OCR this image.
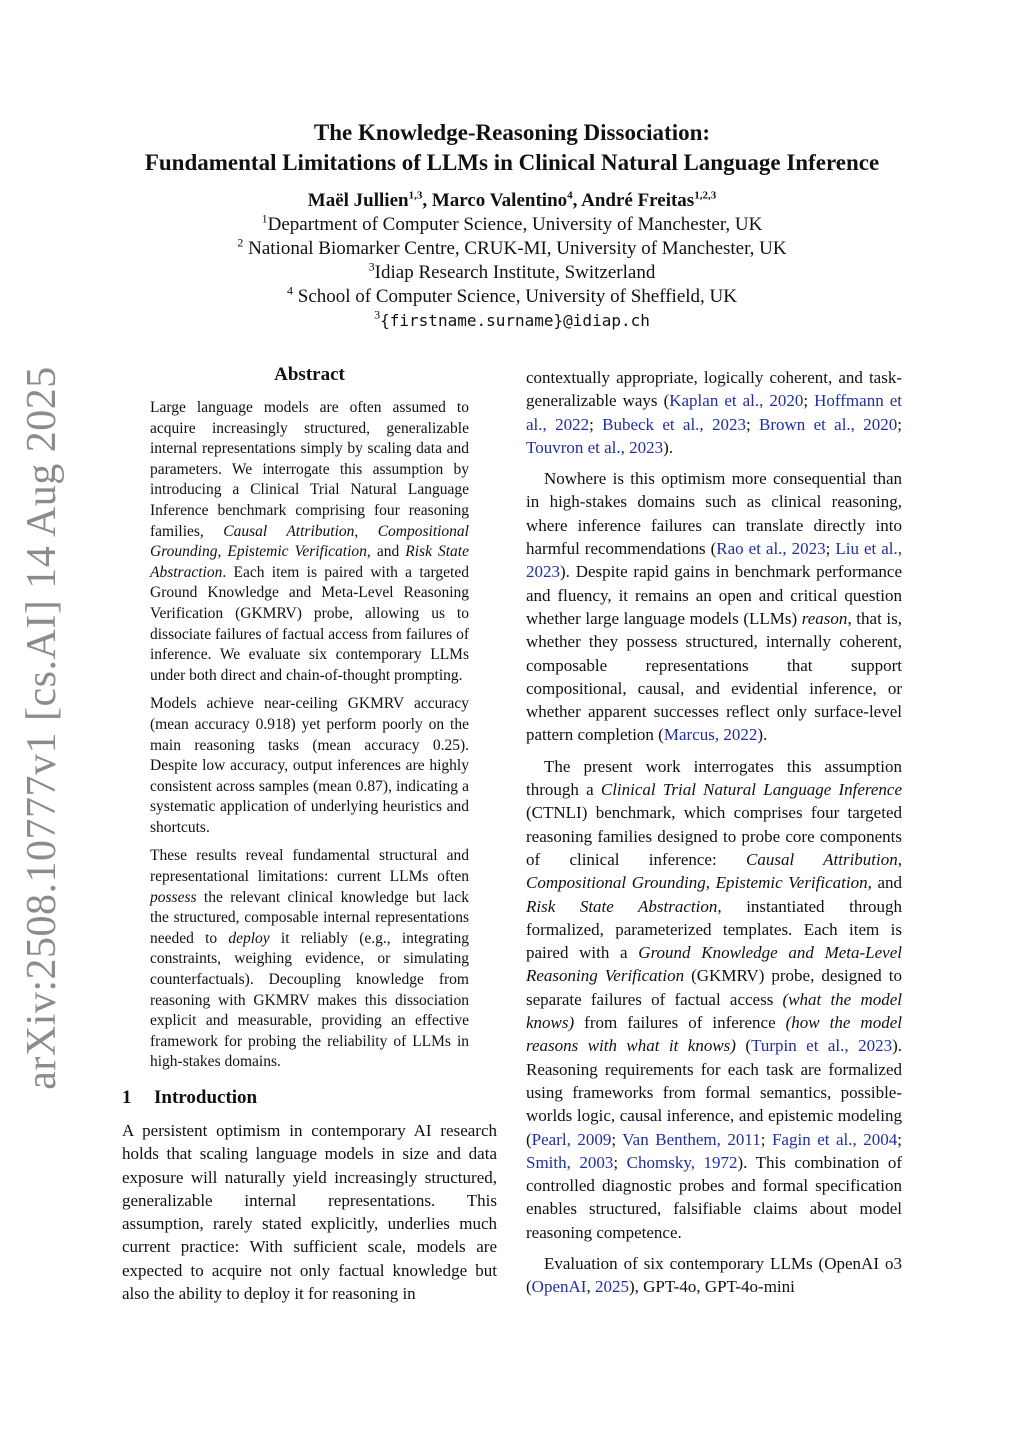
arXiv:2508.10777v1 [cs.AI] 14 Aug 2025
The Knowledge-Reasoning Dissociation:
Fundamental Limitations of LLMs in Clinical Natural Language Inference
Maël Jullien$^{1,3}$, Marco Valentino$^4$, André Freitas$^{1,2,3}$
$^1$Department of Computer Science, University of Manchester, UK
$^2$ National Biomarker Centre, CRUK-MI, University of Manchester, UK
$^3$Idiap Research Institute, Switzerland
$^4$ School of Computer Science, University of Sheffield, UK
$^3${firstname.surname}@idiap.ch
Abstract

Large language models are often assumed to acquire increasingly structured, generalizable internal representations simply by scaling data and parameters. We interrogate this assumption by introducing a Clinical Trial Natural Language Inference benchmark comprising four reasoning families, Causal Attribution, Compositional Grounding, Epistemic Verification, and Risk State Abstraction. Each item is paired with a targeted Ground Knowledge and Meta-Level Reasoning Verification (GKMRV) probe, allowing us to dissociate failures of factual access from failures of inference. We evaluate six contemporary LLMs under both direct and chain-of-thought prompting.

Models achieve near-ceiling GKMRV accuracy (mean accuracy 0.918) yet perform poorly on the main reasoning tasks (mean accuracy 0.25). Despite low accuracy, output inferences are highly consistent across samples (mean 0.87), indicating a systematic application of underlying heuristics and shortcuts.

These results reveal fundamental structural and representational limitations: current LLMs often possess the relevant clinical knowledge but lack the structured, composable internal representations needed to deploy it reliably (e.g., integrating constraints, weighing evidence, or simulating counterfactuals). Decoupling knowledge from reasoning with GKMRV makes this dissociation explicit and measurable, providing an effective framework for probing the reliability of LLMs in high-stakes domains.

1 Introduction

A persistent optimism in contemporary AI research holds that scaling language models in size and data exposure will naturally yield increasingly structured, generalizable internal representations. This assumption, rarely stated explicitly, underlies much current practice: With sufficient scale, models are expected to acquire not only factual knowledge but also the ability to deploy it for reasoning in

contextually appropriate, logically coherent, and task-generalizable ways (Kaplan et al., 2020; Hoffmann et al., 2022; Bubeck et al., 2023; Brown et al., 2020; Touvron et al., 2023).

Nowhere is this optimism more consequential than in high-stakes domains such as clinical reasoning, where inference failures can translate directly into harmful recommendations (Rao et al., 2023; Liu et al., 2023). Despite rapid gains in benchmark performance and fluency, it remains an open and critical question whether large language models (LLMs) reason, that is, whether they possess structured, internally coherent, composable representations that support compositional, causal, and evidential inference, or whether apparent successes reflect only surface-level pattern completion (Marcus, 2022).

The present work interrogates this assumption through a Clinical Trial Natural Language Inference (CTNLI) benchmark, which comprises four targeted reasoning families designed to probe core components of clinical inference: Causal Attribution, Compositional Grounding, Epistemic Verification, and Risk State Abstraction, instantiated through formalized, parameterized templates. Each item is paired with a Ground Knowledge and Meta-Level Reasoning Verification (GKMRV) probe, designed to separate failures of factual access (what the model knows) from failures of inference (how the model reasons with what it knows) (Turpin et al., 2023). Reasoning requirements for each task are formalized using frameworks from formal semantics, possible-worlds logic, causal inference, and epistemic modeling (Pearl, 2009; Van Benthem, 2011; Fagin et al., 2004; Smith, 2003; Chomsky, 1972). This combination of controlled diagnostic probes and formal specification enables structured, falsifiable claims about model reasoning competence.

Evaluation of six contemporary LLMs (OpenAI o3 (OpenAI, 2025), GPT-4o, GPT-4o-mini
